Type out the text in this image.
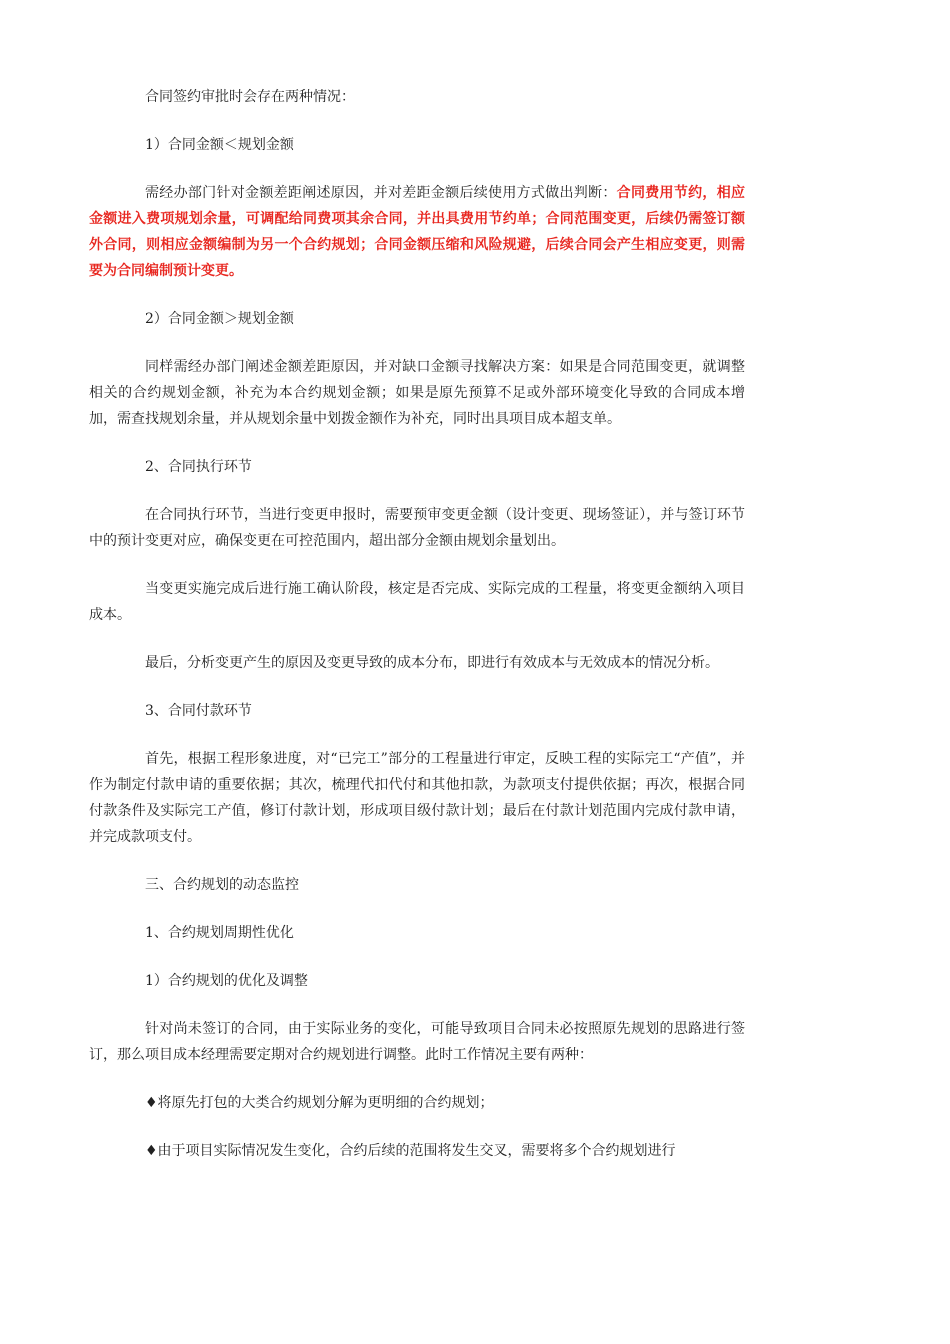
合同签约审批时会存在两种情况：

1）合同金额＜规划金额

需经办部门针对金额差距阐述原因，并对差距金额后续使用方式做出判断：合同费用节约，相应金额进入费项规划余量，可调配给同费项其余合同，并出具费用节约单；合同范围变更，后续仍需签订额外合同，则相应金额编制为另一个合约规划；合同金额压缩和风险规避，后续合同会产生相应变更，则需要为合同编制预计变更。

2）合同金额＞规划金额

同样需经办部门阐述金额差距原因，并对缺口金额寻找解决方案：如果是合同范围变更，就调整相关的合约规划金额，补充为本合约规划金额；如果是原先预算不足或外部环境变化导致的合同成本增加，需查找规划余量，并从规划余量中划拨金额作为补充，同时出具项目成本超支单。

2、合同执行环节

在合同执行环节，当进行变更申报时，需要预审变更金额（设计变更、现场签证），并与签订环节中的预计变更对应，确保变更在可控范围内，超出部分金额由规划余量划出。

当变更实施完成后进行施工确认阶段，核定是否完成、实际完成的工程量，将变更金额纳入项目成本。

最后，分析变更产生的原因及变更导致的成本分布，即进行有效成本与无效成本的情况分析。

3、合同付款环节

首先，根据工程形象进度，对“已完工”部分的工程量进行审定，反映工程的实际完工“产值”，并作为制定付款申请的重要依据；其次，梳理代扣代付和其他扣款，为款项支付提供依据；再次，根据合同付款条件及实际完工产值，修订付款计划，形成项目级付款计划；最后在付款计划范围内完成付款申请，并完成款项支付。

三、合约规划的动态监控

1、合约规划周期性优化

1）合约规划的优化及调整

针对尚未签订的合同，由于实际业务的变化，可能导致项目合同未必按照原先规划的思路进行签订，那么项目成本经理需要定期对合约规划进行调整。此时工作情况主要有两种：

♦将原先打包的大类合约规划分解为更明细的合约规划；

♦由于项目实际情况发生变化，合约后续的范围将发生交叉，需要将多个合约规划进行
